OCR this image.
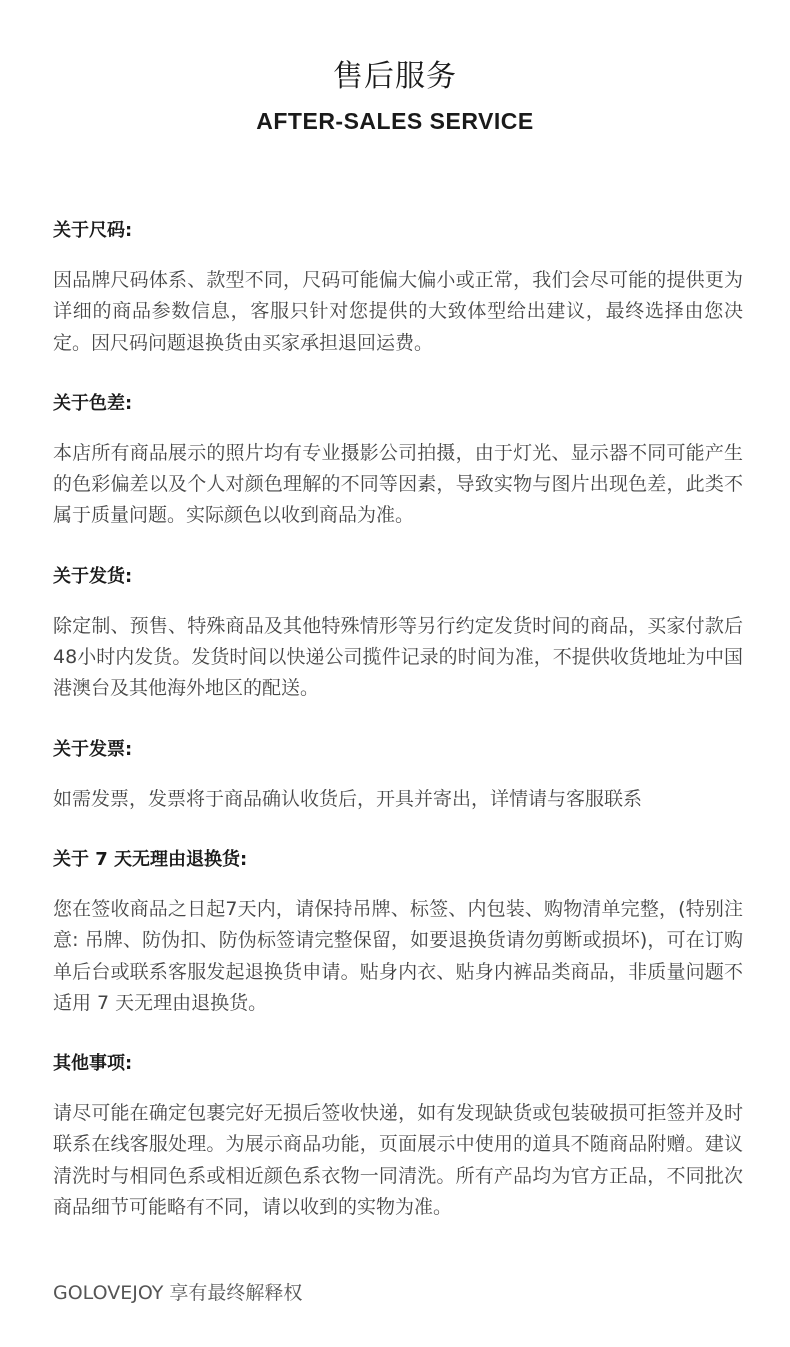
售后服务
AFTER-SALES SERVICE
关于尺码:
因品牌尺码体系、款型不同，尺码可能偏大偏小或正常，我们会尽可能的提供更为详细的商品参数信息，客服只针对您提供的大致体型给出建议，最终选择由您决定。因尺码问题退换货由买家承担退回运费。
关于色差:
本店所有商品展示的照片均有专业摄影公司拍摄，由于灯光、显示器不同可能产生的色彩偏差以及个人对颜色理解的不同等因素，导致实物与图片出现色差，此类不属于质量问题。实际颜色以收到商品为准。
关于发货:
除定制、预售、特殊商品及其他特殊情形等另行约定发货时间的商品，买家付款后48小时内发货。发货时间以快递公司揽件记录的时间为准，不提供收货地址为中国港澳台及其他海外地区的配送。
关于发票:
如需发票，发票将于商品确认收货后，开具并寄出，详情请与客服联系
关于 7 天无理由退换货:
您在签收商品之日起7天内，请保持吊牌、标签、内包装、购物清单完整，(特别注意: 吊牌、防伪扣、防伪标签请完整保留，如要退换货请勿剪断或损坏)，可在订购单后台或联系客服发起退换货申请。贴身内衣、贴身内裤品类商品，非质量问题不适用 7 天无理由退换货。
其他事项:
请尽可能在确定包裹完好无损后签收快递，如有发现缺货或包装破损可拒签并及时联系在线客服处理。为展示商品功能，页面展示中使用的道具不随商品附赠。建议清洗时与相同色系或相近颜色系衣物一同清洗。所有产品均为官方正品，不同批次商品细节可能略有不同，请以收到的实物为准。
GOLOVEJOY 享有最终解释权
